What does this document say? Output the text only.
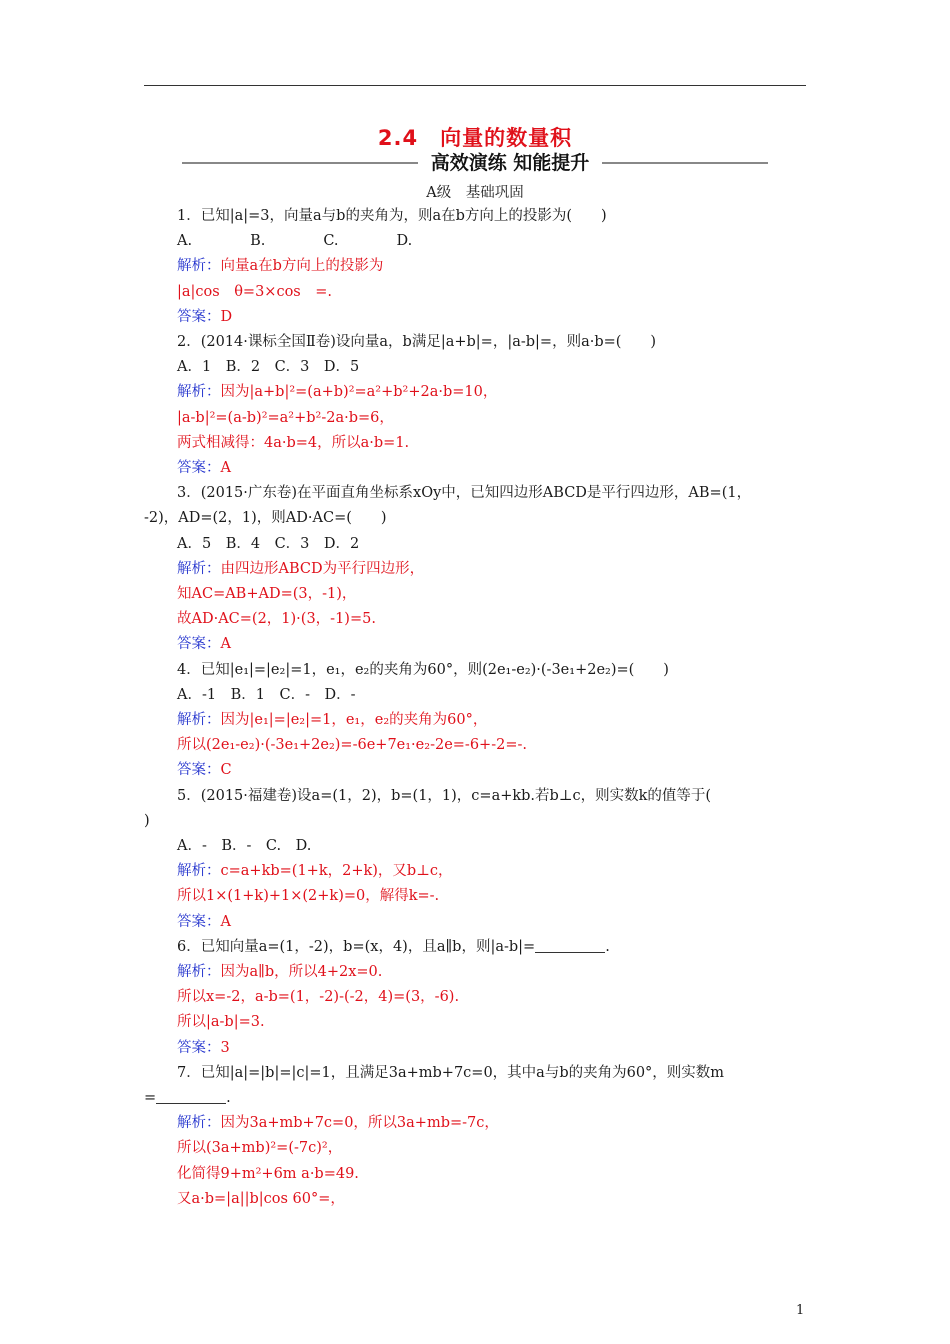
2.4　向量的数量积
高效演练 知能提升
A级　基础巩固
1．已知|a|=3，向量a与b的夹角为，则a在b方向上的投影为(　　)
A.　　　　B.　　　　C.　　　　D.
解析：向量a在b方向上的投影为
|a|cos　θ=3×cos　=.
答案：D
2．(2014·课标全国Ⅱ卷)设向量a，b满足|a+b|=，|a-b|=，则a·b=(　　)
A．1　B．2　C．3　D．5
解析：因为|a+b|²=(a+b)²=a²+b²+2a·b=10，
|a-b|²=(a-b)²=a²+b²-2a·b=6，
两式相减得：4a·b=4，所以a·b=1.
答案：A
3．(2015·广东卷)在平面直角坐标系xOy中，已知四边形ABCD是平行四边形，AB=(1，
-2)，AD=(2，1)，则AD·AC=(　　)
A．5　B．4　C．3　D．2
解析：由四边形ABCD为平行四边形，
知AC=AB+AD=(3，-1)，
故AD·AC=(2，1)·(3，-1)=5.
答案：A
4．已知|e₁|=|e₂|=1，e₁，e₂的夹角为60°，则(2e₁-e₂)·(-3e₁+2e₂)=(　　)
A．-1　B．1　C．-　D．-
解析：因为|e₁|=|e₂|=1，e₁，e₂的夹角为60°，
所以(2e₁-e₂)·(-3e₁+2e₂)=-6e+7e₁·e₂-2e=-6+-2=-.
答案：C
5．(2015·福建卷)设a=(1，2)，b=(1，1)，c=a+kb.若b⊥c，则实数k的值等于(
)
A．-　B．-　C.　D.
解析：c=a+kb=(1+k，2+k)，又b⊥c，
所以1×(1+k)+1×(2+k)=0，解得k=-.
答案：A
6．已知向量a=(1，-2)，b=(x，4)，且a∥b，则|a-b|=	.
解析：因为a∥b，所以4+2x=0.
所以x=-2，a-b=(1，-2)-(-2，4)=(3，-6).
所以|a-b|=3.
答案：3
7．已知|a|=|b|=|c|=1，且满足3a+mb+7c=0，其中a与b的夹角为60°，则实数m
=	.
解析：因为3a+mb+7c=0，所以3a+mb=-7c，
所以(3a+mb)²=(-7c)²，
化简得9+m²+6m a·b=49.
又a·b=|a||b|cos 60°=，
1
